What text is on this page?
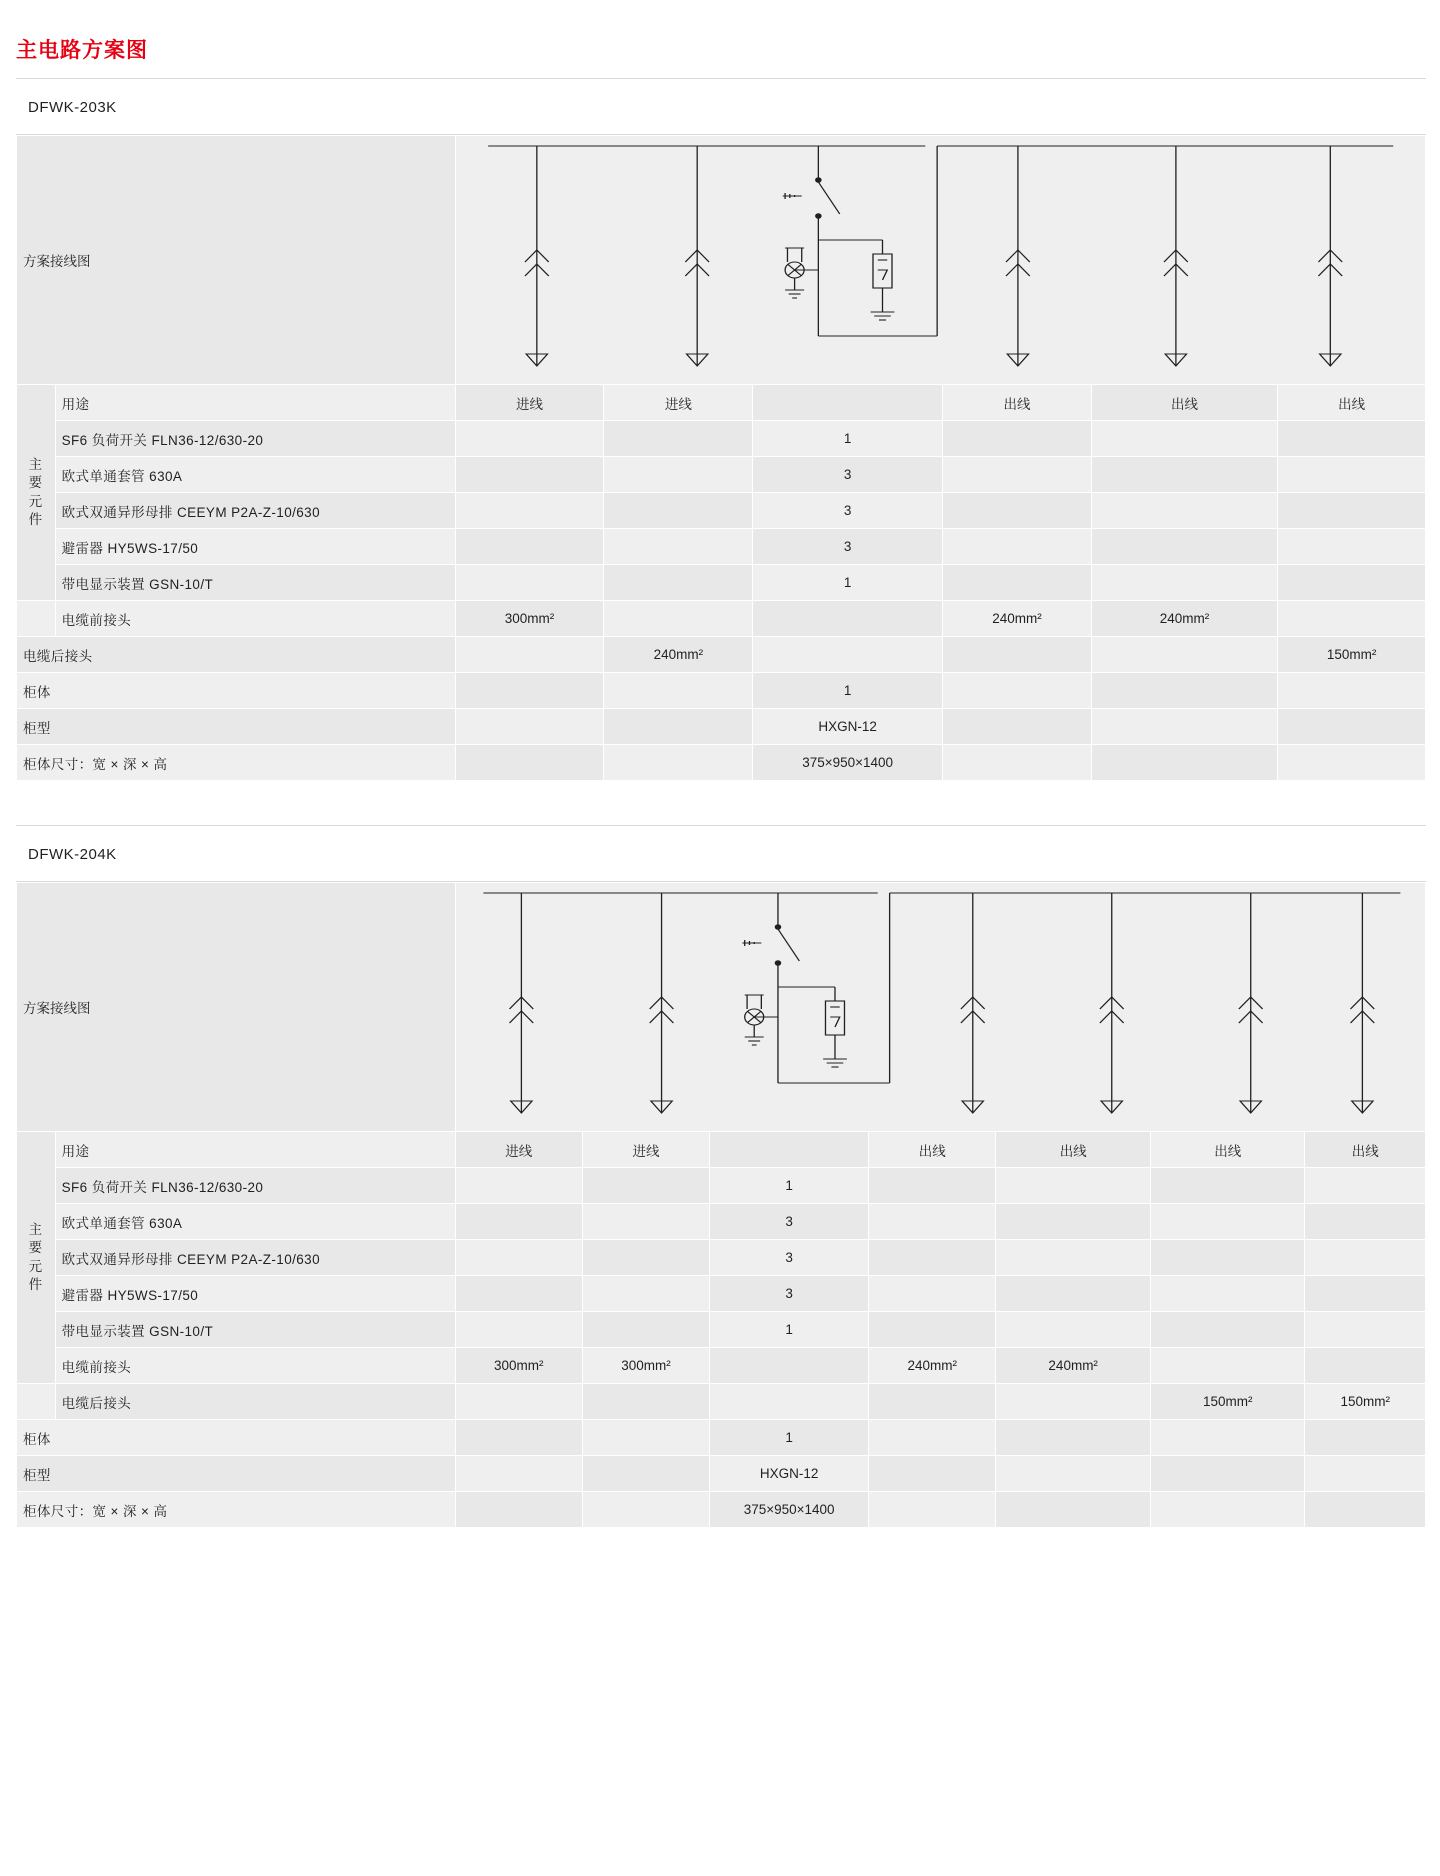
主电路方案图
DFWK-203K
方案接线图	

主
要
元
件	用途	进线	进线		出线	出线	出线
	SF6 负荷开关 FLN36-12/630-20			1			
	欧式单通套管 630A			3			
	欧式双通异形母排 CEEYM P2A-Z-10/630			3			
	避雷器 HY5WS-17/50			3			
	带电显示装置 GSN-10/T			1			
	电缆前接头	300mm²			240mm²	240mm²	
电缆后接头			240mm²				150mm²
柜体				1			
柜型				HXGN-12			
柜体尺寸：宽 × 深 × 高				375×950×1400			
DFWK-204K
方案接线图	

主
要
元
件	用途	进线	进线		出线	出线	出线	出线
	SF6 负荷开关 FLN36-12/630-20			1				
	欧式单通套管 630A			3				
	欧式双通异形母排 CEEYM P2A-Z-10/630			3				
	避雷器 HY5WS-17/50			3				
	带电显示装置 GSN-10/T			1				
	电缆前接头	300mm²	300mm²		240mm²	240mm²		
	电缆后接头						150mm²	150mm²
柜体				1				
柜型				HXGN-12				
柜体尺寸：宽 × 深 × 高				375×950×1400				
